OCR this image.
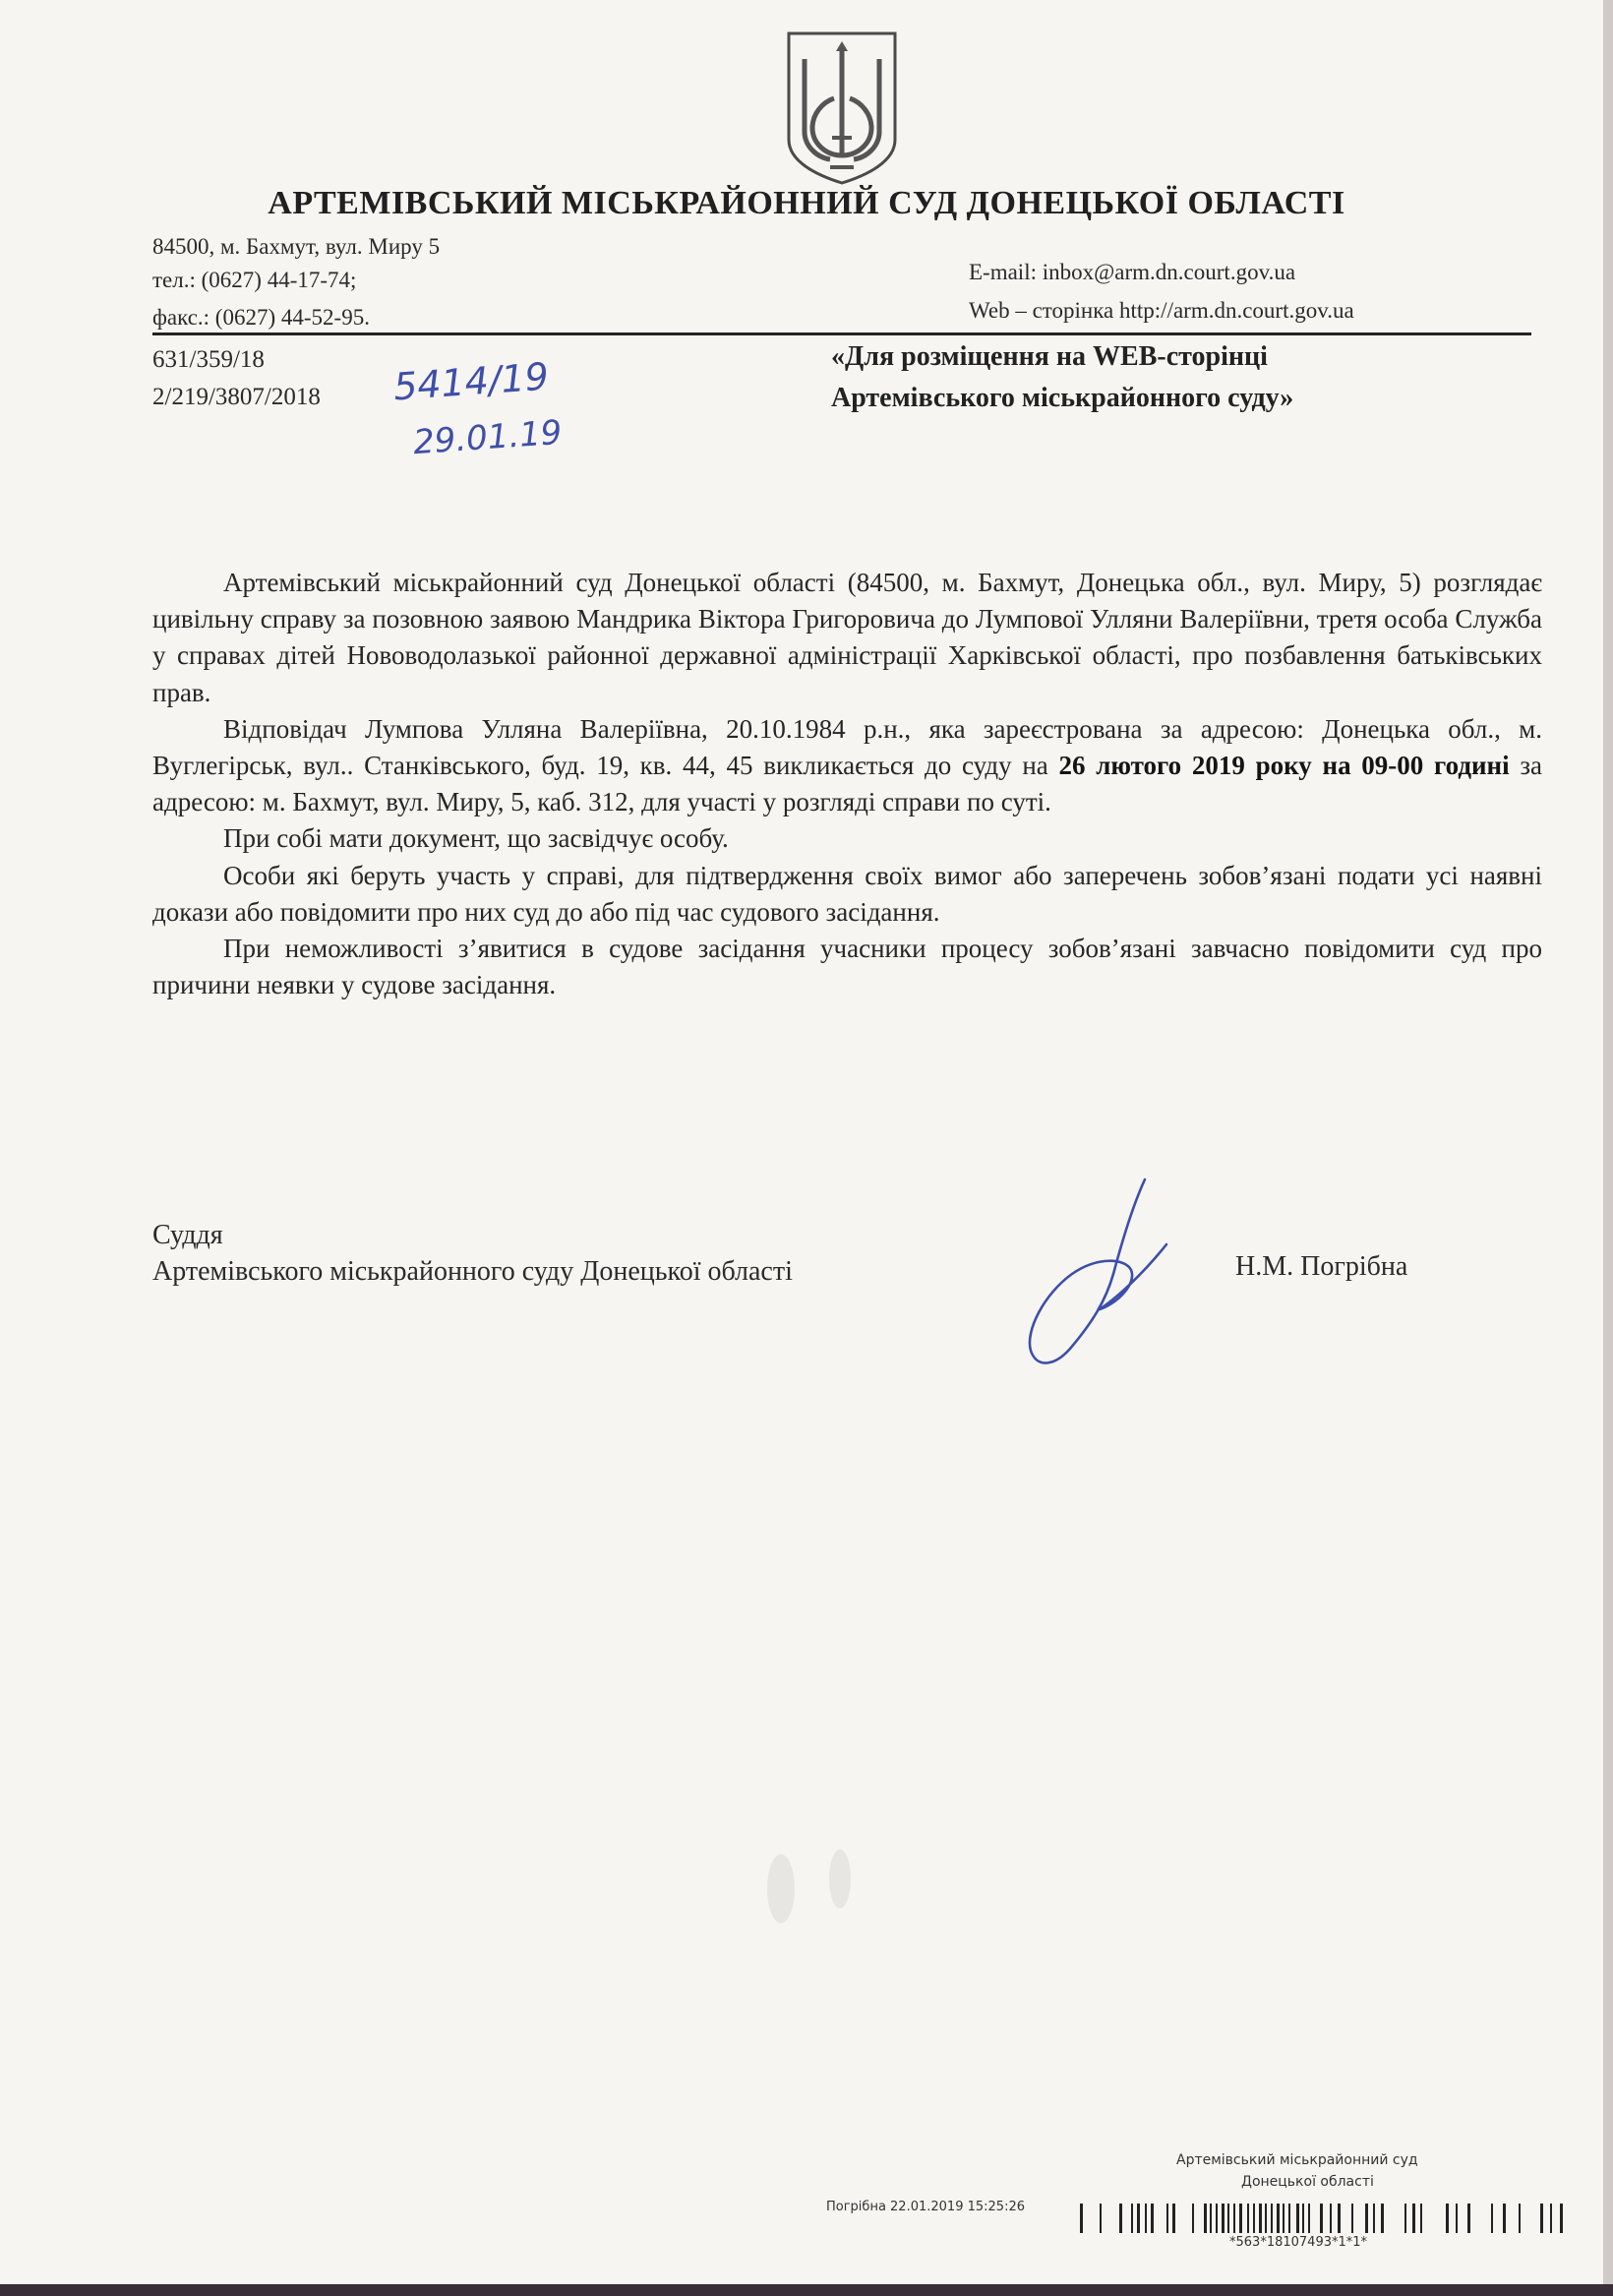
АРТЕМІВСЬКИЙ МІСЬКРАЙОННИЙ СУД ДОНЕЦЬКОЇ ОБЛАСТІ
84500, м. Бахмут, вул. Миру 5
тел.: (0627) 44-17-74;
факс.: (0627) 44-52-95.
E-mail: inbox@arm.dn.court.gov.ua
Web – сторінка http://arm.dn.court.gov.ua
631/359/18
2/219/3807/2018 5414/19
29.01.19
«Для розміщення на WEB-сторінці
Артемівського міськрайонного суду»

Артемівський міськрайонний суд Донецької області (84500, м. Бахмут, Донецька обл., вул. Миру, 5) розглядає цивільну справу за позовною заявою Мандрика Віктора Григоровича до Лумпової Улляни Валеріївни, третя особа Служба у справах дітей Нововодолазької районної державної адміністрації Харківської області, про позбавлення батьківських прав.

Відповідач Лумпова Улляна Валеріївна, 20.10.1984 р.н., яка зареєстрована за адресою: Донецька обл., м. Вуглегірськ, вул.. Станківського, буд. 19, кв. 44, 45 викликається до суду на 26 лютого 2019 року на 09-00 годині за адресою: м. Бахмут, вул. Миру, 5, каб. 312, для участі у розгляді справи по суті.

При собі мати документ, що засвідчує особу.

Особи які беруть участь у справі, для підтвердження своїх вимог або заперечень зобов’язані подати усі наявні докази або повідомити про них суд до або під час судового засідання.

При неможливості з’явитися в судове засідання учасники процесу зобов’язані завчасно повідомити суд про причини неявки у судове засідання.

Суддя
Артемівського міськрайонного суду Донецької області	Н.М. Погрібна
Артемівський міськрайонний суд
Донецької області
Погрібна 22.01.2019 15:25:26
*563*18107493*1*1*
